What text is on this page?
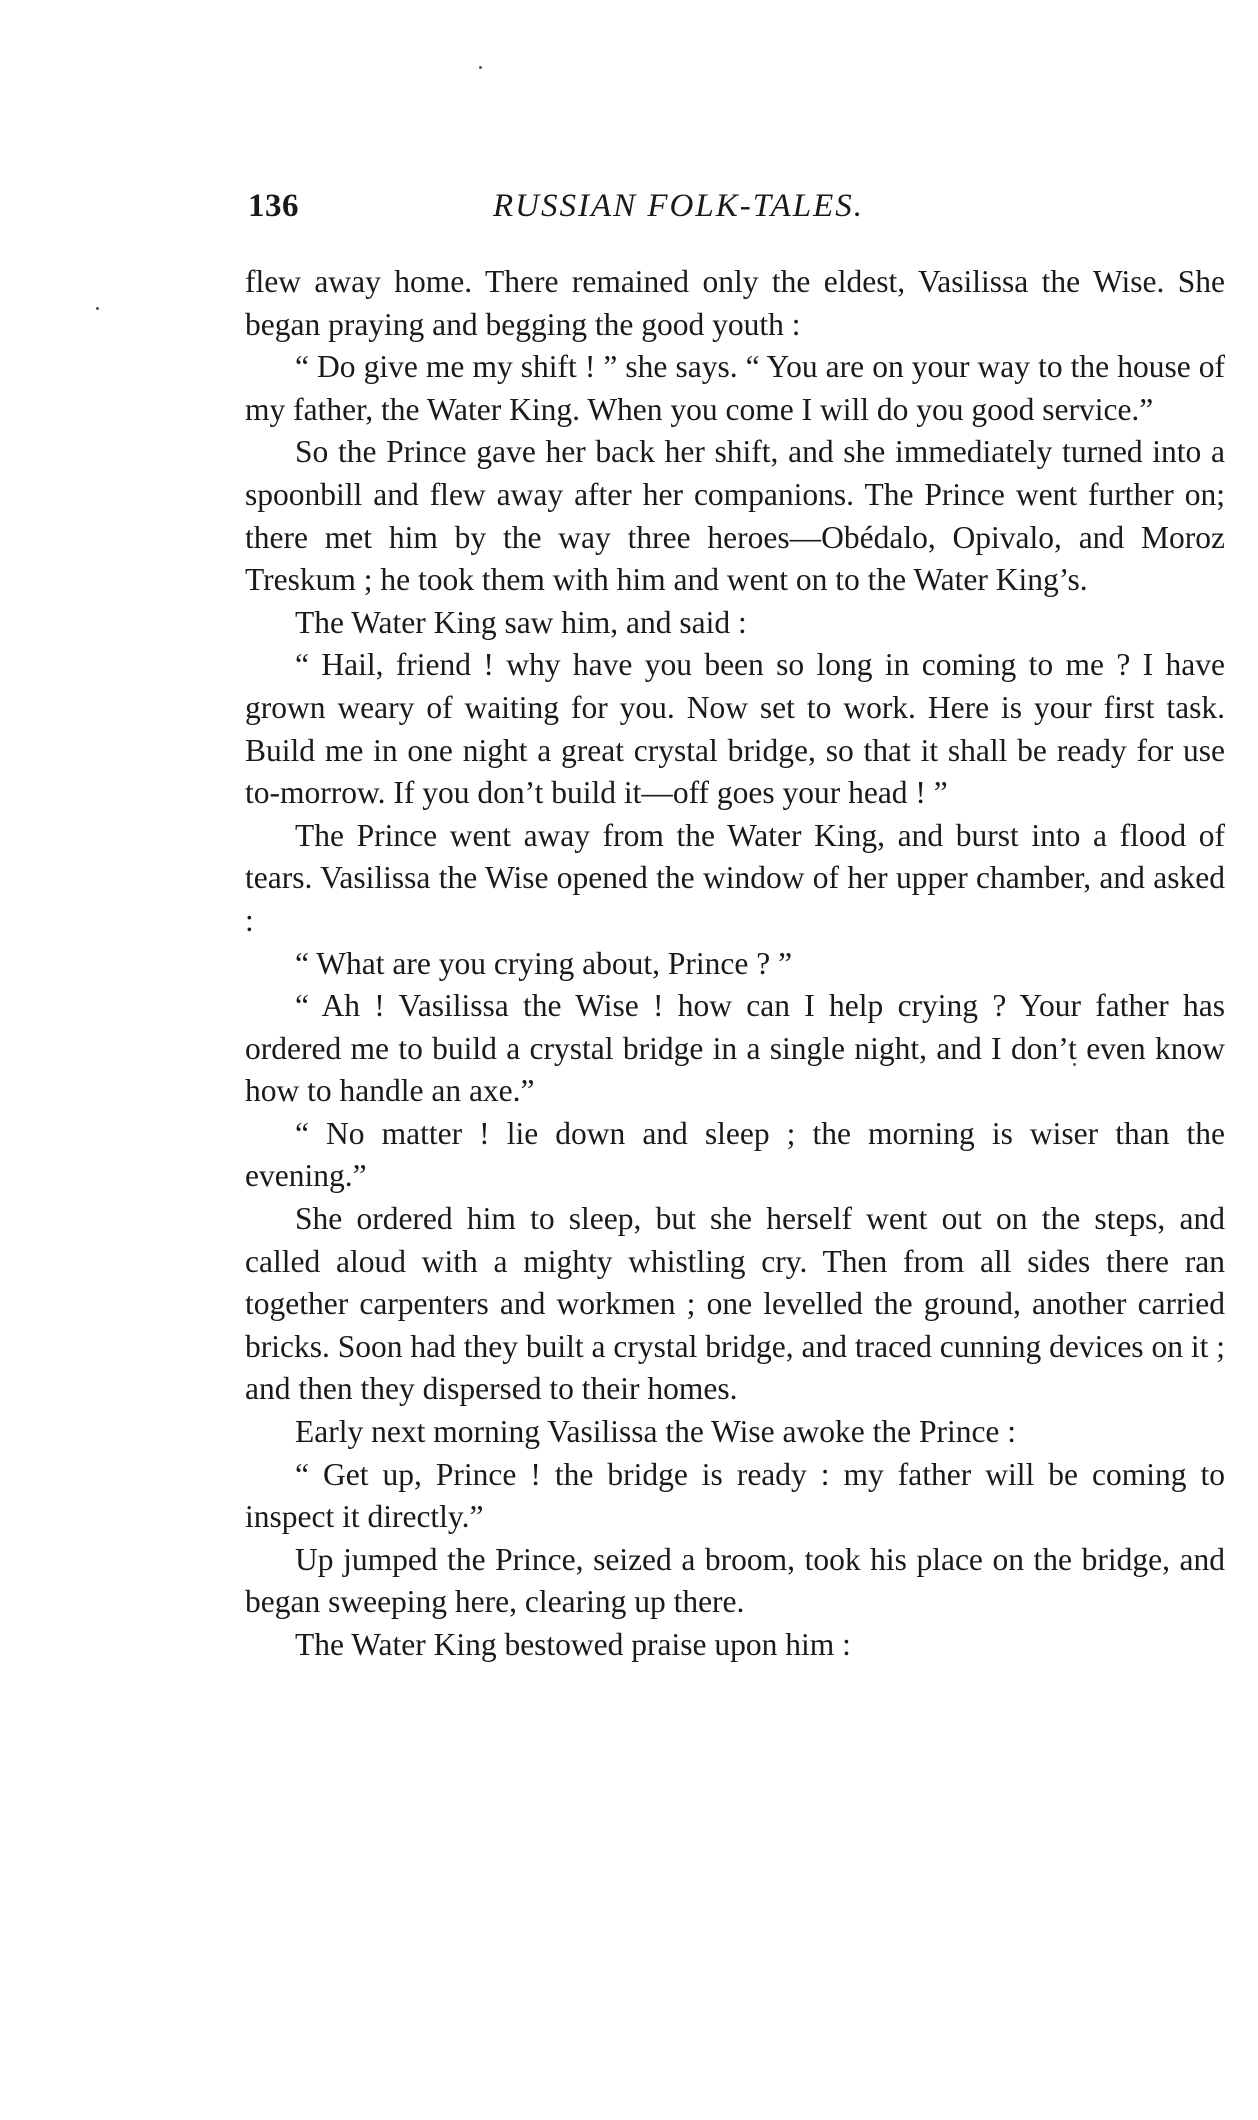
136	RUSSIAN FOLK-TALES.

flew away home. There remained only the eldest, Vasilissa the Wise. She began praying and begging the good youth :

“ Do give me my shift ! ” she says. “ You are on your way to the house of my father, the Water King. When you come I will do you good service.”

So the Prince gave her back her shift, and she immediately turned into a spoonbill and flew away after her companions. The Prince went further on; there met him by the way three heroes—Obédalo, Opivalo, and Moroz Treskum ; he took them with him and went on to the Water King’s.

The Water King saw him, and said :

“ Hail, friend ! why have you been so long in coming to me ? I have grown weary of waiting for you. Now set to work. Here is your first task. Build me in one night a great crystal bridge, so that it shall be ready for use to-morrow. If you don’t build it—off goes your head ! ”

The Prince went away from the Water King, and burst into a flood of tears. Vasilissa the Wise opened the window of her upper chamber, and asked :

“ What are you crying about, Prince ? ”

“ Ah ! Vasilissa the Wise ! how can I help crying ? Your father has ordered me to build a crystal bridge in a single night, and I don’t even know how to handle an axe.”

“ No matter ! lie down and sleep ; the morning is wiser than the evening.”

She ordered him to sleep, but she herself went out on the steps, and called aloud with a mighty whistling cry. Then from all sides there ran together carpenters and workmen ; one levelled the ground, another carried bricks. Soon had they built a crystal bridge, and traced cunning devices on it ; and then they dispersed to their homes.

Early next morning Vasilissa the Wise awoke the Prince :

“ Get up, Prince ! the bridge is ready : my father will be coming to inspect it directly.”

Up jumped the Prince, seized a broom, took his place on the bridge, and began sweeping here, clearing up there.

The Water King bestowed praise upon him :
